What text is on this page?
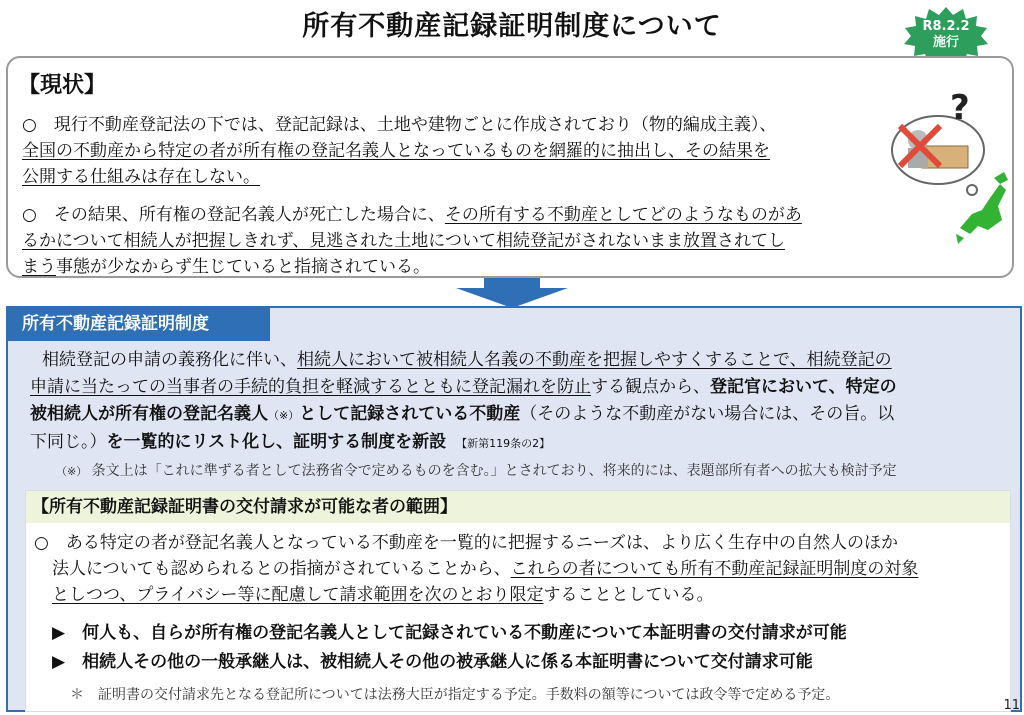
所有不動産記録証明制度について	R8.2.2
施行
【現状】
○　現行不動産登記法の下では、登記記録は、土地や建物ごとに作成されており（物的編成主義）、
全国の不動産から特定の者が所有権の登記名義人となっているものを網羅的に抽出し、その結果を
公開する仕組みは存在しない。
○　その結果、所有権の登記名義人が死亡した場合に、その所有する不動産としてどのようなものがあ
るかについて相続人が把握しきれず、見逃された土地について相続登記がされないまま放置されてし
まう事態が少なからず生じていると指摘されている。
?
所有不動産記録証明制度
相続登記の申請の義務化に伴い、相続人において被相続人名義の不動産を把握しやすくすることで、相続登記の
申請に当たっての当事者の手続的負担を軽減するとともに登記漏れを防止する観点から、登記官において、特定の
被相続人が所有権の登記名義人（※）として記録されている不動産（そのような不動産がない場合には、その旨。以
下同じ。）を一覧的にリスト化し、証明する制度を新設 【新第119条の2】
（※） 条文上は「これに準ずる者として法務省令で定めるものを含む。」とされており、将来的には、表題部所有者への拡大も検討予定
【所有不動産記録証明書の交付請求が可能な者の範囲】
○　ある特定の者が登記名義人となっている不動産を一覧的に把握するニーズは、より広く生存中の自然人のほか
法人についても認められるとの指摘がされていることから、これらの者についても所有不動産記録証明制度の対象
としつつ、プライバシー等に配慮して請求範囲を次のとおり限定することとしている。
▶　何人も、自らが所有権の登記名義人として記録されている不動産について本証明書の交付請求が可能
▶　相続人その他の一般承継人は、被相続人その他の被承継人に係る本証明書について交付請求可能
＊　証明書の交付請求先となる登記所については法務大臣が指定する予定。手数料の額等については政令等で定める予定。
11
